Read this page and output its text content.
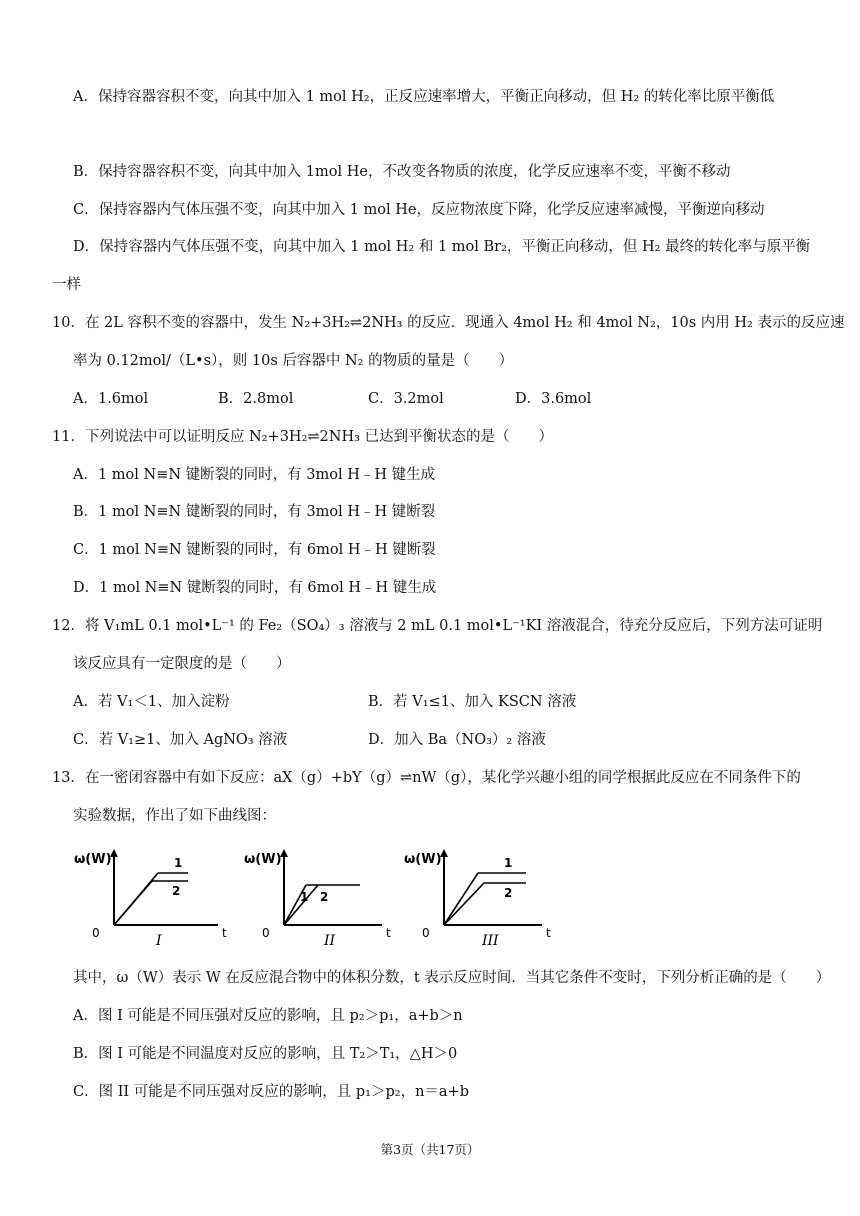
A．保持容器容积不变，向其中加入 1 mol H₂，正反应速率增大，平衡正向移动，但 H₂ 的转化率比原平衡低
B．保持容器容积不变，向其中加入 1mol He，不改变各物质的浓度，化学反应速率不变，平衡不移动
C．保持容器内气体压强不变，向其中加入 1 mol He，反应物浓度下降，化学反应速率减慢，平衡逆向移动
D．保持容器内气体压强不变，向其中加入 1 mol H₂ 和 1 mol Br₂，平衡正向移动，但 H₂ 最终的转化率与原平衡
一样
10．在 2L 容积不变的容器中，发生 N₂+3H₂⇌2NH₃ 的反应．现通入 4mol H₂ 和 4mol N₂，10s 内用 H₂ 表示的反应速
率为 0.12mol/（L•s），则 10s 后容器中 N₂ 的物质的量是（　　）
A．1.6mol	B．2.8mol	C．3.2mol	D．3.6mol
11．下列说法中可以证明反应 N₂+3H₂⇌2NH₃ 已达到平衡状态的是（　　）
A．1 mol N≡N 键断裂的同时，有 3mol H﹣H 键生成
B．1 mol N≡N 键断裂的同时，有 3mol H﹣H 键断裂
C．1 mol N≡N 键断裂的同时，有 6mol H﹣H 键断裂
D．1 mol N≡N 键断裂的同时，有 6mol H﹣H 键生成
12．将 V₁mL 0.1 mol•L⁻¹ 的 Fe₂（SO₄）₃ 溶液与 2 mL 0.1 mol•L⁻¹KI 溶液混合，待充分反应后，下列方法可证明
该反应具有一定限度的是（　　）
A．若 V₁＜1、加入淀粉	B．若 V₁≤1、加入 KSCN 溶液
C．若 V₁≥1、加入 AgNO₃ 溶液	D．加入 Ba（NO₃）₂ 溶液
13．在一密闭容器中有如下反应：aX（g）+bY（g）⇌nW（g），某化学兴趣小组的同学根据此反应在不同条件下的
实验数据，作出了如下曲线图：
ω(W)	1
2
0	t
I
ω(W)
1 2
0	t
II
ω(W)	1
2
0	t
III
其中，ω（W）表示 W 在反应混合物中的体积分数，t 表示反应时间．当其它条件不变时，下列分析正确的是（　　）
A．图 I 可能是不同压强对反应的影响，且 p₂＞p₁，a+b＞n
B．图 I 可能是不同温度对反应的影响，且 T₂＞T₁，△H＞0
C．图 II 可能是不同压强对反应的影响，且 p₁＞p₂，n＝a+b
第3页（共17页）
